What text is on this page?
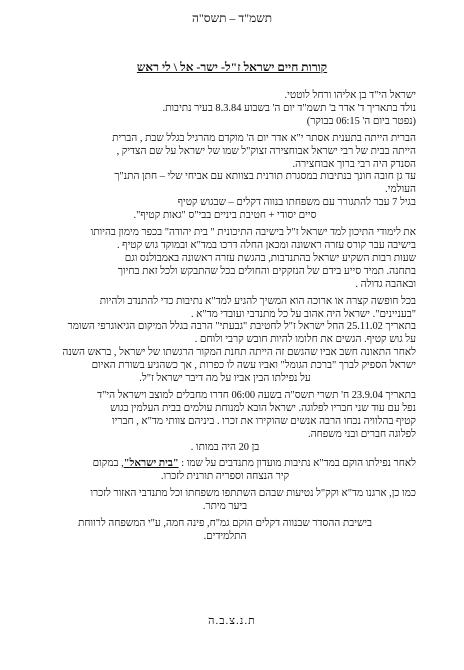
תשמ"ד – תשס"ה
קורות חיים ישראל ז"ל- ישר- אל \ לי ראש

ישראל הי"ד בן אליהו ורחל לוטטי.

נולד בתאריך ד' אדר ב' תשמ"ד יום ה' בשבוע 8.3.84 בעיר נתיבות.

(נפטר ביום ה' 06:15 בבוקר)

הברית הייתה בתענית אסתר י"א אדר יום ה' מוקדם מהרגיל בגלל שבת , הברית

הייתה בבית של רבי ישראל אבוחצירה זצוק"ל שמו של ישראל על שם הצדיק ,

הסנדק היה רבי ברוך אבוחצירה.

עד גן חובה חונך בנתיבות במסגרת תורנית בצוותא עם אביחי שלי – חתן התנ"ך

העולמי.

בגיל 7 עבר להתגורר עם משפחתו בנווה דקלים – שבגוש קטיף

סיים יסודי + חטיבת ביניים בבי"ס "גאות קטיף".

את לימודי התיכון למד ישראל ז"ל בישיבה התיכונית " בית יהודה" בכפר מימון בהיותו

בישיבה עבר קורס עזרה ראשונה ומכאן החלה דרכו במד"א ובמוקד גוש קטיף .

שעות רבות השקיע ישראל בהתנדבות, בהגשת עזרה ראשונה באמבולנס וגם

בתחנה. תמיד סייע בידם של הנזקקים והחולים בכל שהתבקש ולכל זאת בחיוך

ובאהבה גדולה .

בכל חופשה קצרה או ארוכה הוא המשיך להגיע למד"א נתיבות כדי להתנדב ולהיות

"בעניינים". ישראל היה אהוב על כל מתנדבי ועובדי מד"א .

בתאריך 25.11.02 החל ישראל ז"ל לחטיבת "גבעתי" הרבה בגלל המיקום הגיאוגרפי השומר

על גוש קטיף. הגשים את חלומו להיות חובש קרבי ולוחם .

לאחר התאונה חשב אביו שהגשם זה הייתה תחנת המקור הרגשתו של ישראל , בראש השנה

ישראל הספיק לברך "ברכת הגומל" ואביו עשה לו כפרות , אך כשהגיע בשורת האיום

על נפילתו הבין אביו על מה דיבר ישראל ז"ל.

בתאריך 23.9.04 ח' תשרי תשס"ה בשעה 06:00 חדרו מחבלים למוצב וישראל הי"ד

נפל עם עוד שני חבריו לפלוגה. ישראל הובא למנוחת עולמים בבית העלמין בגוש

קטיף בהלוויה נכחו הרבה אנשים שהוקירו את זכרו . ביניהם צוותי מד"א , חבריו

לפלוגה חברים ובני משפחה.

בן 20 היה במותו .

לאחר נפילתו הוקם במד"א נתיבות מועדון מתנדבים על שמו : "בית ישראל", במקום

קיר הנצחה וספריה תורנית לזכרו.

כמו כן, ארגנו מד"א וקק"ל נטיעות שבהם השתתפו משפחתו וכל מתנדבי האזור לזכרו

ביער מיתר.

בישיבת ההסדר שבנווה דקלים הוקם גמ"ח, פינה חמה, ע"י המשפחה לרווחת

התלמידים.

ת.נ.צ.ב.ה
